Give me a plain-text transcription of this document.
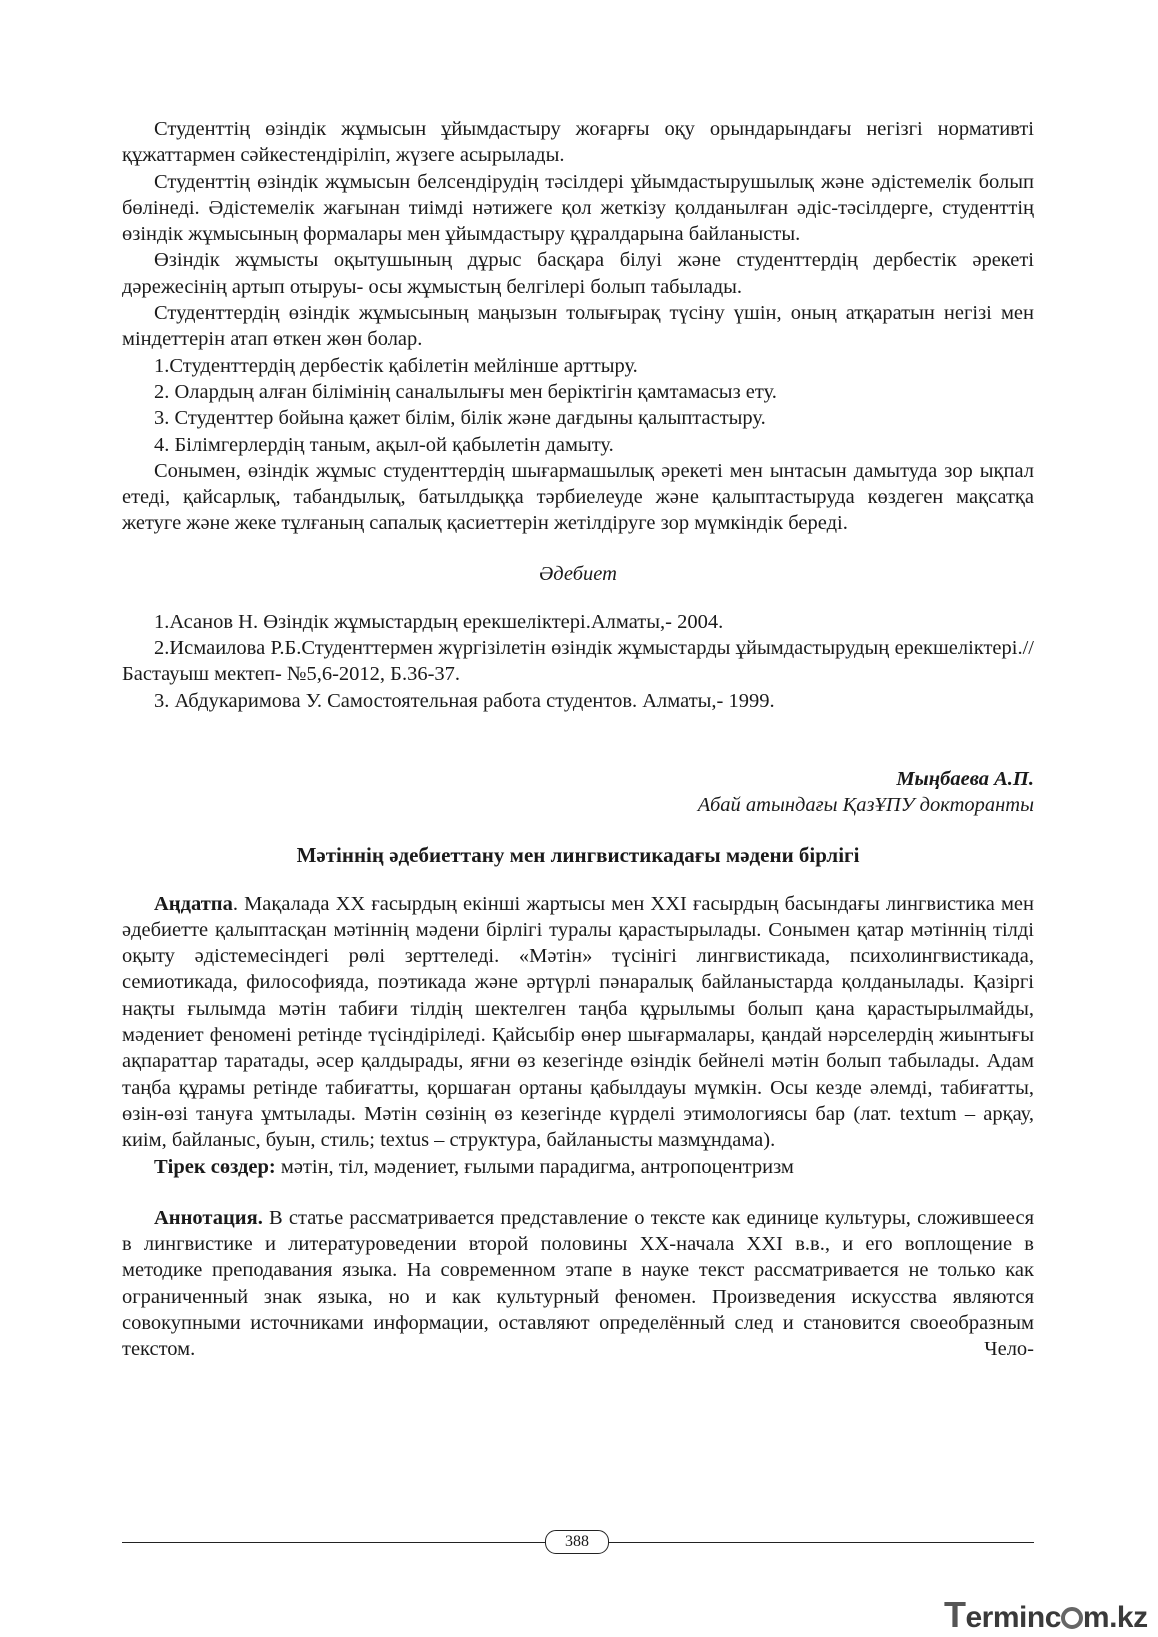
Студенттің өзіндік жұмысын ұйымдастыру жоғарғы оқу орындарындағы негізгі нормативті құжаттармен сәйкестендіріліп, жүзеге асырылады.

Студенттің өзіндік жұмысын белсендірудің тәсілдері ұйымдастырушылық және әдістемелік болып бөлінеді. Әдістемелік жағынан тиімді нәтижеге қол жеткізу қолданылған әдіс-тәсілдерге, студенттің өзіндік жұмысының формалары мен ұйымдастыру құралдарына байланысты.

Өзіндік жұмысты оқытушының дұрыс басқара білуі және студенттердің дербестік әрекеті дәрежесінің артып отыруы- осы жұмыстың белгілері болып табылады.

Студенттердің өзіндік жұмысының маңызын толығырақ түсіну үшін, оның атқаратын негізі мен міндеттерін атап өткен жөн болар.

1.Студенттердің дербестік қабілетін мейлінше арттыру.

2. Олардың алған білімінің саналылығы мен беріктігін қамтамасыз ету.

3. Студенттер бойына қажет білім, білік және дағдыны қалыптастыру.

4. Білімгерлердің таным, ақыл-ой қабылетін дамыту.

Сонымен, өзіндік жұмыс студенттердің шығармашылық әрекеті мен ынтасын дамытуда зор ықпал етеді, қайсарлық, табандылық, батылдыққа тәрбиелеуде және қалыптастыруда көздеген мақсатқа жетуге және жеке тұлғаның сапалық қасиеттерін жетілдіруге зор мүмкіндік береді.

Әдебиет

1.Асанов Н. Өзіндік жұмыстардың ерекшеліктері.Алматы,- 2004.

2.Исмаилова Р.Б.Студенттермен жүргізілетін өзіндік жұмыстарды ұйымдастырудың ерекшеліктері.//Бастауыш мектеп- №5,6-2012, Б.36-37.

3. Абдукаримова У. Самостоятельная работа студентов. Алматы,- 1999.

Мыңбаева А.П.
Абай атындағы ҚазҰПУ докторанты

Мәтіннің әдебиеттану мен лингвистикадағы мәдени бірлігі

Аңдатпа. Мақалада XX ғасырдың екінші жартысы мен XXI ғасырдың басындағы лингвистика мен әдебиетте қалыптасқан мәтіннің мәдени бірлігі туралы қарастырылады. Сонымен қатар мәтіннің тілді оқыту әдістемесіндегі рөлі зерттеледі. «Мәтін» түсінігі лингвистикада, психолингвистикада, семиотикада, философияда, поэтикада және әртүрлі пәнаралық байланыстарда қолданылады. Қазіргі нақты ғылымда мәтін табиғи тілдің шектелген таңба құрылымы болып қана қарастырылмайды, мәдениет феномені ретінде түсіндіріледі. Қайсыбір өнер шығармалары, қандай нәрселердің жиынтығы ақпараттар таратады, әсер қалдырады, яғни өз кезегінде өзіндік бейнелі мәтін болып табылады. Адам таңба құрамы ретінде табиғатты, қоршаған ортаны қабылдауы мүмкін. Осы кезде әлемді, табиғатты, өзін-өзі тануға ұмтылады. Мәтін сөзінің өз кезегінде күрделі этимологиясы бар (лат. textum – арқау, киім, байланыс, буын, стиль; textus – структура, байланысты мазмұндама).

Тірек сөздер: мәтін, тіл, мәдениет, ғылыми парадигма, антропоцентризм

Аннотация. В статье рассматривается представление о тексте как единице культуры, сложившееся в лингвистике и литературоведении второй половины XX-начала XXI в.в., и его воплощение в методике преподавания языка. На современном этапе в науке текст рассматривается не только как ограниченный знак языка, но и как культурный феномен. Произведения искусства являются совокупными источниками информации, оставляют определённый след и становится своеобразным текстом. Чело-

388
Terminc m.kz
